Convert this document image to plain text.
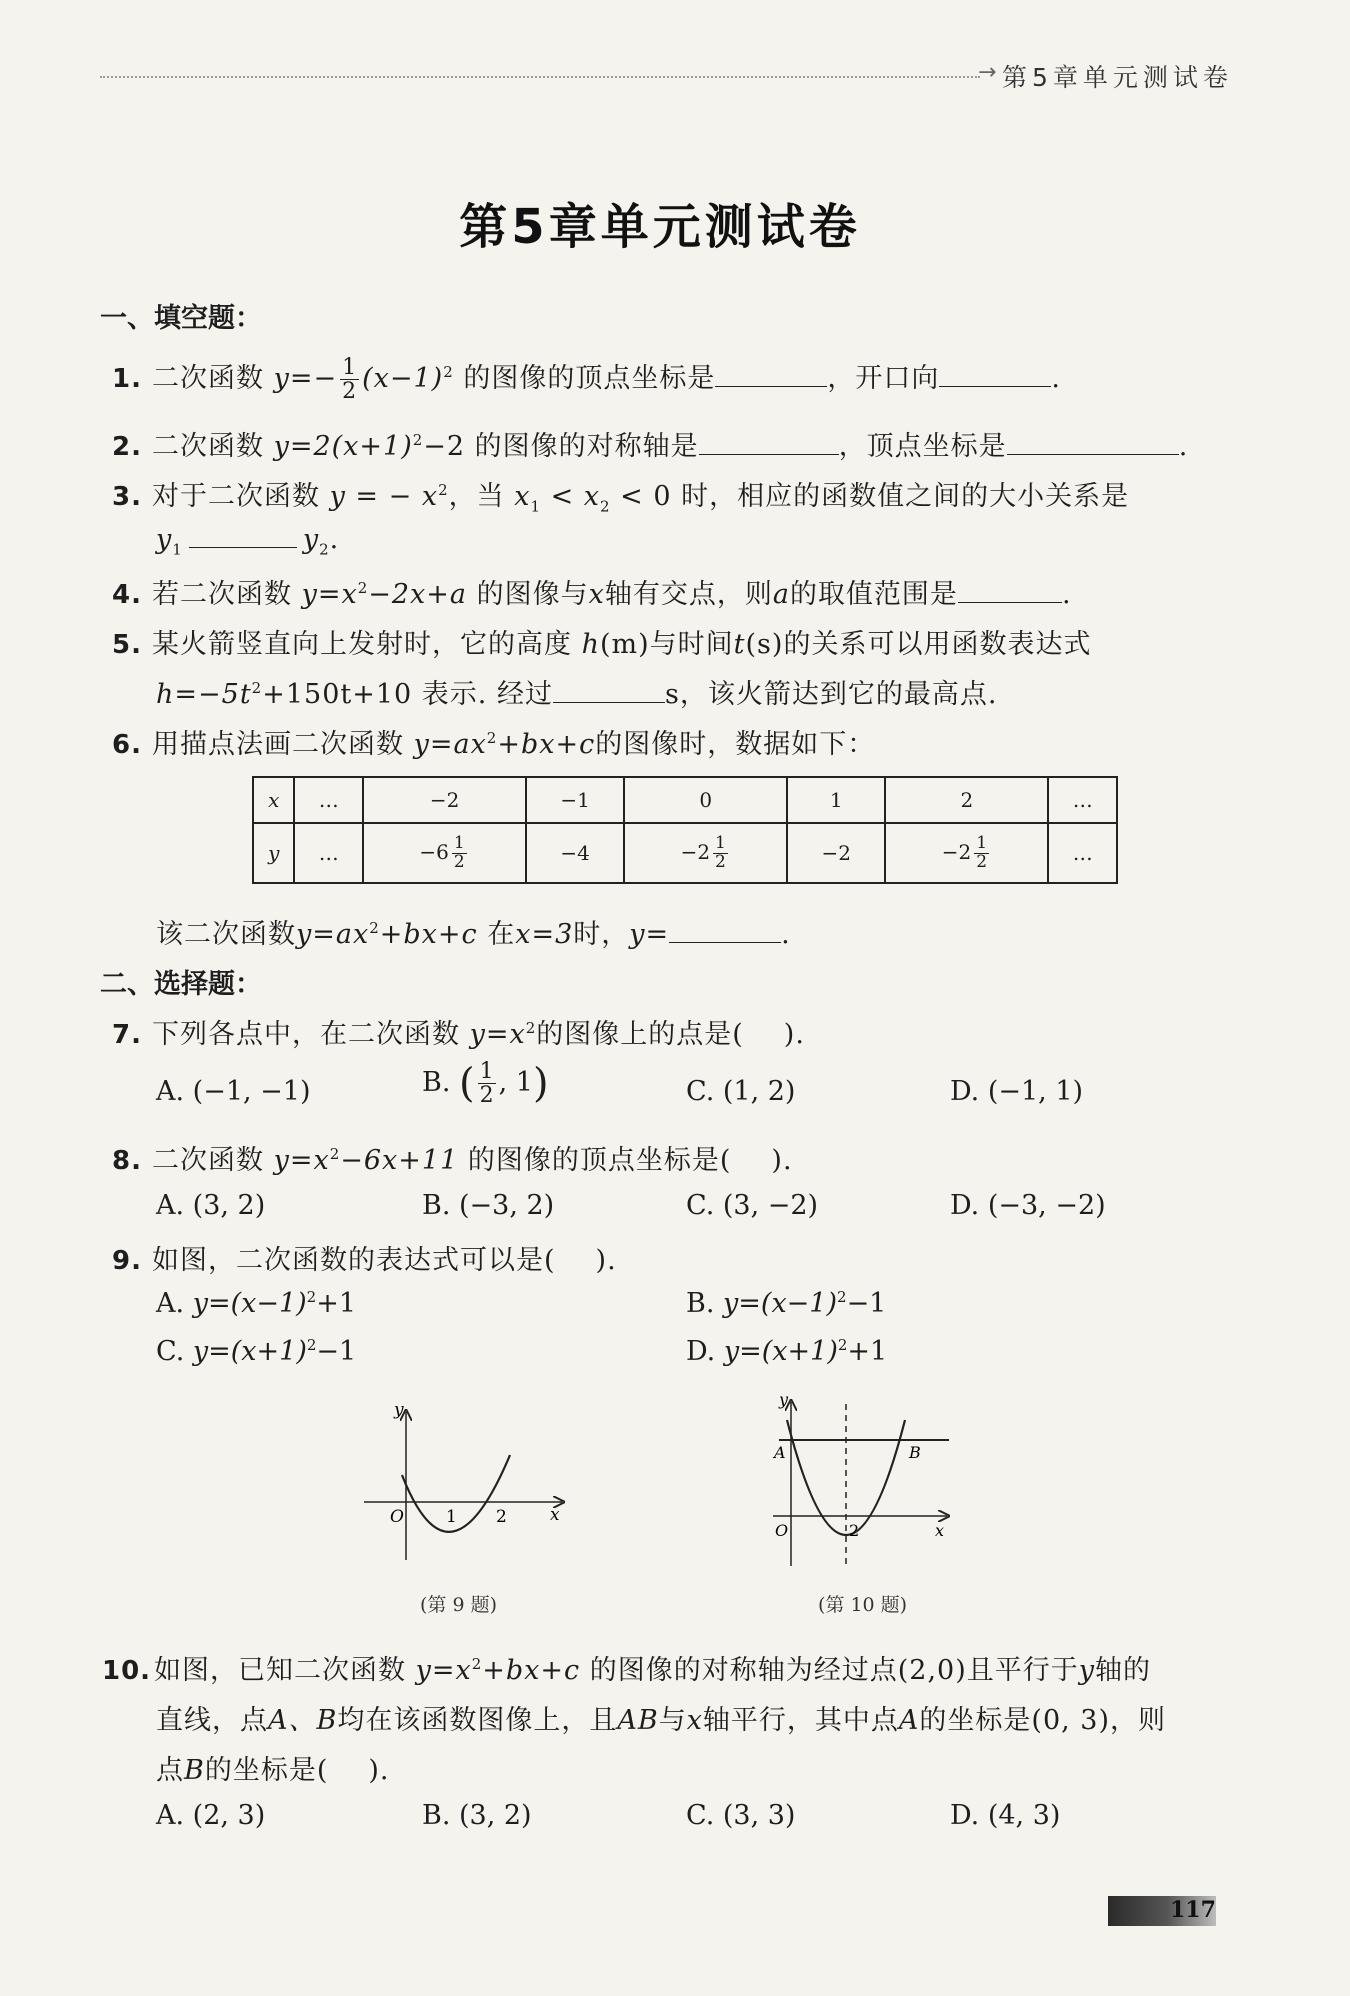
→ 第5章单元测试卷
第5章单元测试卷
一、填空题：
1. 二次函数 $y=- \frac{1}{2} (x-1)^2$ 的图像的顶点坐标是	，开口向	.
2. 二次函数 $y=2(x+1)^2-2$ 的图像的对称轴是	，顶点坐标是	.
3. 对于二次函数 y = − $x^2$，当 $x_1 < x_2 < 0$ 时，相应的函数值之间的大小关系是
$y_1$	$y_2$.
4. 若二次函数 $y=x^2-2x+a$ 的图像与x轴有交点，则a的取值范围是	.
5. 某火箭竖直向上发射时，它的高度 h(m)与时间t(s)的关系可以用函数表达式
$h=-5t^2+150t+10$ 表示. 经过	s，该火箭达到它的最高点.
6. 用描点法画二次函数 $y=ax^2+bx+c$的图像时，数据如下：
x	…	−2	−1	0	1	2	…
y	…	$-6 \frac{1}{2}$	−4	$-2 \frac{1}{2}$	−2	$-2 \frac{1}{2}$	…
该二次函数$y=ax^2+bx+c$ 在x=3时，y=	.
二、选择题：
7. 下列各点中，在二次函数 $y=x^2$的图像上的点是( ).
A. (−1, −1)	B. ( $\frac{1}{2}$ , 1)	C. (1, 2)	D. (−1, 1)
8. 二次函数 $y=x^2-6x+11$ 的图像的顶点坐标是( ).
A. (3, 2)	B. (−3, 2)	C. (3, −2)	D. (−3, −2)
9. 如图，二次函数的表达式可以是( ).
A. $y=(x-1)^2+1$	B. $y=(x-1)^2-1$
C. $y=(x+1)^2-1$	D. $y=(x+1)^2+1$
y
x
O 1 2
(第 9 题)
y
x
O	2
A	B
(第 10 题)
10. 如图，已知二次函数 $y=x^2+bx+c$ 的图像的对称轴为经过点(2,0)且平行于y轴的
直线，点A、B均在该函数图像上，且AB与x轴平行，其中点A的坐标是(0, 3)，则
点B的坐标是( ).
A. (2, 3)	B. (3, 2)	C. (3, 3)	D. (4, 3)
117
